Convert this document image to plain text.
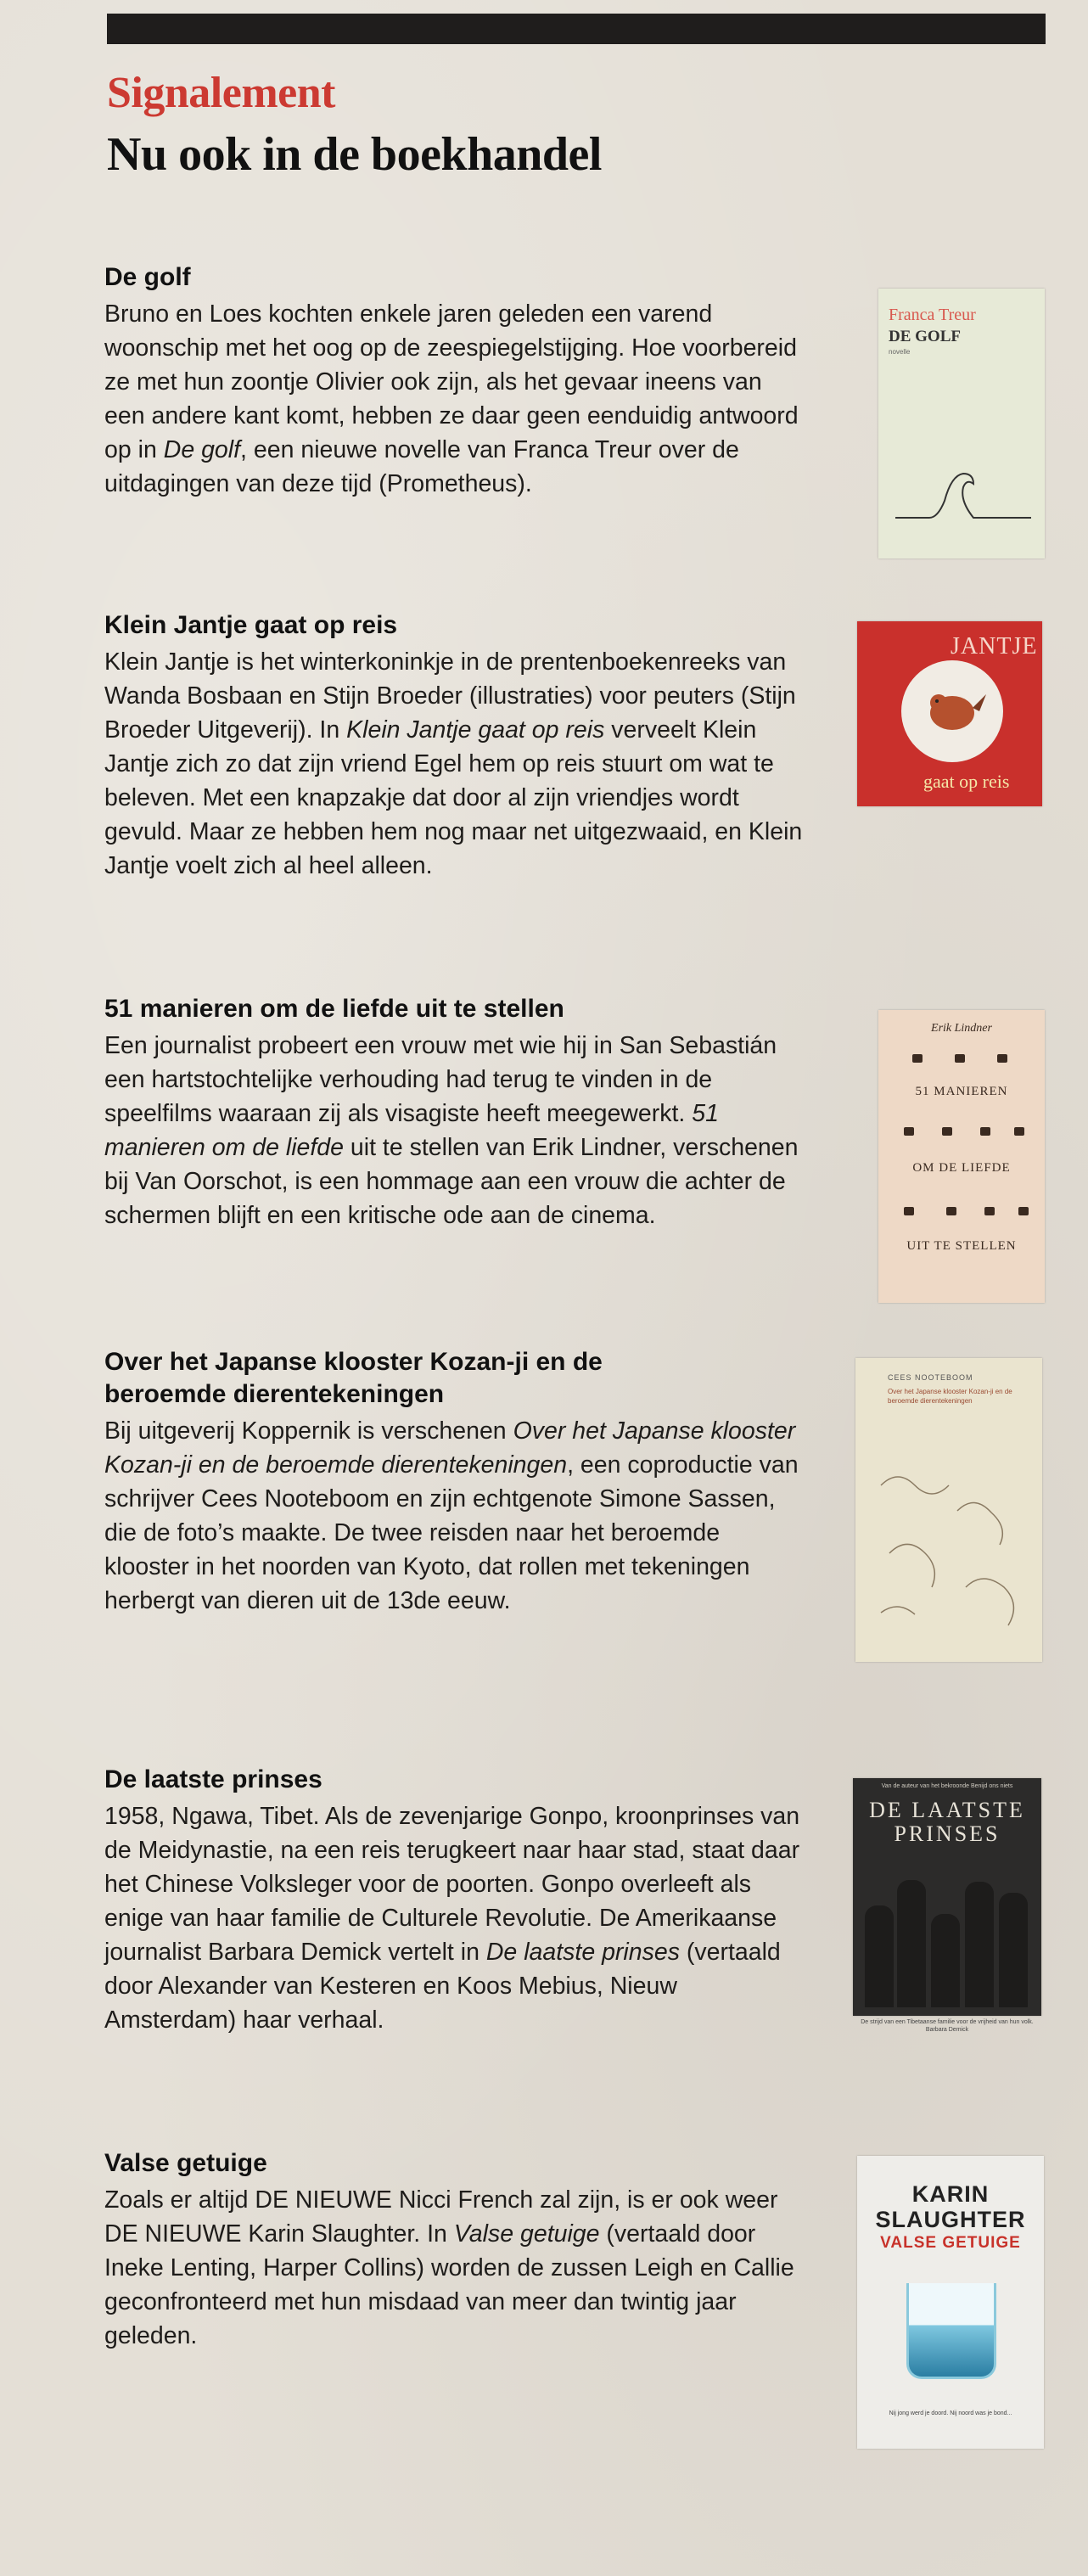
Signalement
Nu ook in de boekhandel
De golf

Bruno en Loes kochten enkele jaren geleden een varend woonschip met het oog op de zeespiegelstijging. Hoe voorbereid ze met hun zoontje Olivier ook zijn, als het gevaar ineens van een andere kant komt, hebben ze daar geen eenduidig antwoord op in De golf, een nieuwe novelle van Franca Treur over de uitdagingen van deze tijd (Prometheus).

Klein Jantje gaat op reis

Klein Jantje is het winterkoninkje in de prentenboekenreeks van Wanda Bosbaan en Stijn Broeder (illustraties) voor peuters (Stijn Broeder Uitgeverij). In Klein Jantje gaat op reis verveelt Klein Jantje zich zo dat zijn vriend Egel hem op reis stuurt om wat te beleven. Met een knapzakje dat door al zijn vriendjes wordt gevuld. Maar ze hebben hem nog maar net uitgezwaaid, en Klein Jantje voelt zich al heel alleen.

51 manieren om de liefde uit te stellen

Een journalist probeert een vrouw met wie hij in San Sebastián een hartstochtelijke verhouding had terug te vinden in de speelfilms waaraan zij als visagiste heeft meegewerkt. 51 manieren om de liefde uit te stellen van Erik Lindner, verschenen bij Van Oorschot, is een hommage aan een vrouw die achter de schermen blijft en een kritische ode aan de cinema.

Over het Japanse klooster Kozan-ji en de beroemde dierentekeningen

Bij uitgeverij Koppernik is verschenen Over het Japanse klooster Kozan-ji en de beroemde dierentekeningen, een coproductie van schrijver Cees Nooteboom en zijn echtgenote Simone Sassen, die de foto’s maakte. De twee reisden naar het beroemde klooster in het noorden van Kyoto, dat rollen met tekeningen herbergt van dieren uit de 13de eeuw.

De laatste prinses

1958, Ngawa, Tibet. Als de zevenjarige Gonpo, kroonprinses van de Meidynastie, na een reis terugkeert naar haar stad, staat daar het Chinese Volksleger voor de poorten. Gonpo overleeft als enige van haar familie de Culturele Revolutie. De Amerikaanse journalist Barbara Demick vertelt in De laatste prinses (vertaald door Alexander van Kesteren en Koos Mebius, Nieuw Amsterdam) haar verhaal.

Valse getuige

Zoals er altijd DE NIEUWE Nicci French zal zijn, is er ook weer DE NIEUWE Karin Slaughter. In Valse getuige (vertaald door Ineke Lenting, Harper Collins) worden de zussen Leigh en Callie geconfronteerd met hun misdaad van meer dan twintig jaar geleden.

Franca Treur
DE GOLF
novelle
JANTJE
gaat op reis
Erik Lindner
51 MANIEREN
OM DE LIEFDE
UIT TE STELLEN
CEES NOOTEBOOM
Over het Japanse klooster Kozan-ji en de beroemde dierentekeningen
Van de auteur van het bekroonde Benijd ons niets
DE LAATSTE
PRINSES
De strijd van een Tibetaanse familie voor de vrijheid van hun volk. Barbara Demick
KARIN
SLAUGHTER
VALSE GETUIGE
Nij jong werd je doord. Nij noord was je bond...
